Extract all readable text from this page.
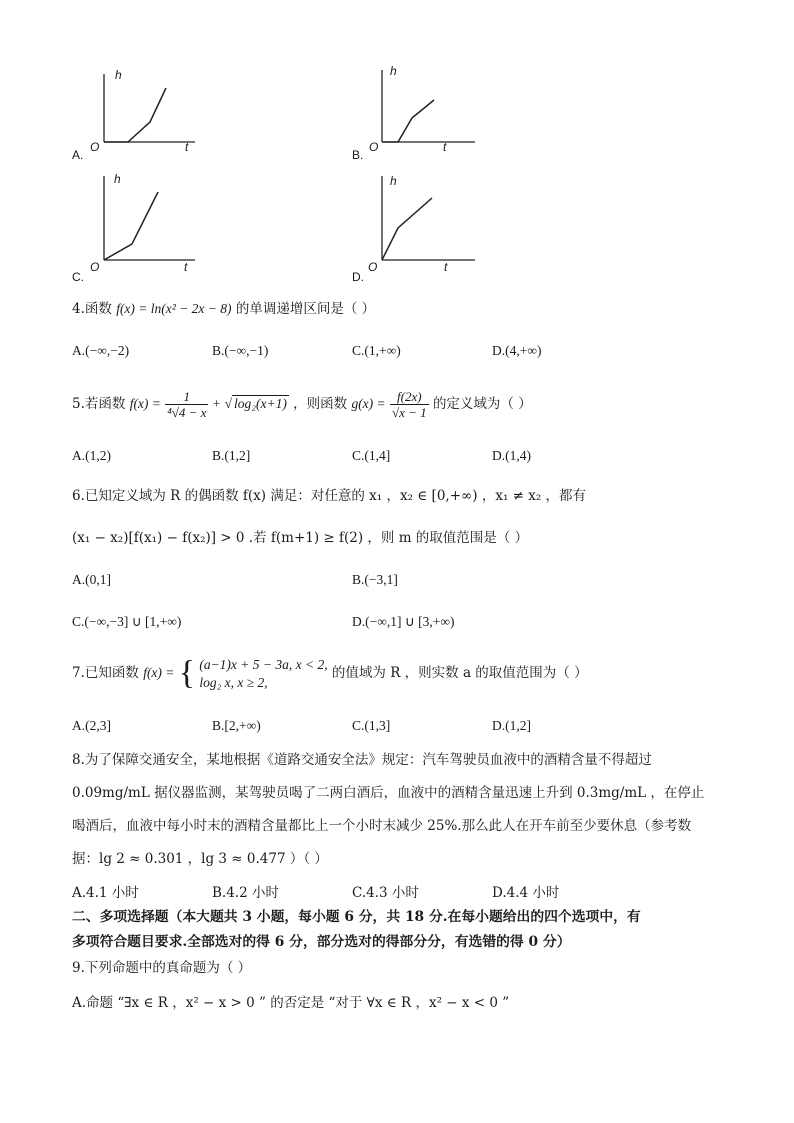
A.
h
t
O
B.
h
t
O
C.
h
t
O
D.
h
t
O
4.函数 f(x) = ln(x² − 2x − 8) 的单调递增区间是（ ）
A.(−∞,−2)	B.(−∞,−1)	C.(1,+∞)	D.(4,+∞)
5.若函数 $f(x) = \frac{1}{\text{⁴√4 − x}}$ + √ log₂(x+1) ，则函数 $g(x) = \frac{f(2x)}{√x - 1}$ 的定义域为（ ）
A.(1,2)	B.(1,2]	C.(1,4]	D.(1,4)
6.已知定义域为 R 的偶函数 f(x) 满足：对任意的 x₁ ，x₂ ∈ [0,+∞) ，x₁ ≠ x₂ ，都有
(x₁ − x₂)[f(x₁) − f(x₂)] > 0 .若 f(m+1) ≥ f(2) ，则 m 的取值范围是（ ）
A.(0,1]	B.(−3,1]
C.(−∞,−3] ∪ [1,+∞)	D.(−∞,1] ∪ [3,+∞)
7.已知函数 f(x) = { (a−1)x + 5 − 3a, x < 2,
log₂ x, x ≥ 2,
的值域为 R ，则实数 a 的取值范围为（ ）
A.(2,3]	B.[2,+∞)	C.(1,3]	D.(1,2]
8.为了保障交通安全，某地根据《道路交通安全法》规定：汽车驾驶员血液中的酒精含量不得超过
0.09mg/mL 据仪器监测，某驾驶员喝了二两白酒后，血液中的酒精含量迅速上升到 0.3mg/mL ，在停止
喝酒后，血液中每小时末的酒精含量都比上一个小时末减少 25%.那么此人在开车前至少要休息（参考数
据：lg 2 ≈ 0.301 ，lg 3 ≈ 0.477 ）（ ）
A.4.1 小时	B.4.2 小时	C.4.3 小时	D.4.4 小时
二、多项选择题（本大题共 3 小题，每小题 6 分，共 18 分.在每小题给出的四个选项中，有
多项符合题目要求.全部选对的得 6 分，部分选对的得部分分，有选错的得 0 分）
9.下列命题中的真命题为（ ）
A.命题 “∃x ∈ R ，x² − x > 0 ” 的否定是 “对于 ∀x ∈ R ，x² − x < 0 ”
